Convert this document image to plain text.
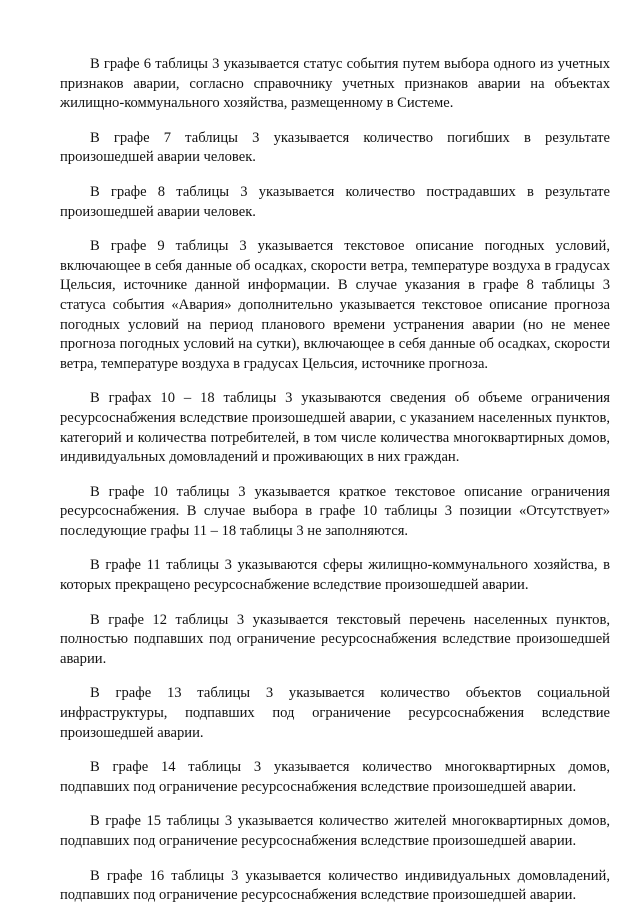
В графе 6 таблицы 3 указывается статус события путем выбора одного из учетных признаков аварии, согласно справочнику учетных признаков аварии на объектах жилищно-коммунального хозяйства, размещенному в Системе.

В графе 7 таблицы 3 указывается количество погибших в результате произошедшей аварии человек.

В графе 8 таблицы 3 указывается количество пострадавших в результате произошедшей аварии человек.

В графе 9 таблицы 3 указывается текстовое описание погодных условий, включающее в себя данные об осадках, скорости ветра, температуре воздуха в градусах Цельсия, источнике данной информации. В случае указания в графе 8 таблицы 3 статуса события «Авария» дополнительно указывается текстовое описание прогноза погодных условий на период планового времени устранения аварии (но не менее прогноза погодных условий на сутки), включающее в себя данные об осадках, скорости ветра, температуре воздуха в градусах Цельсия, источнике прогноза.

В графах 10 – 18 таблицы 3 указываются сведения об объеме ограничения ресурсоснабжения вследствие произошедшей аварии, с указанием населенных пунктов, категорий и количества потребителей, в том числе количества многоквартирных домов, индивидуальных домовладений и проживающих в них граждан.

В графе 10 таблицы 3 указывается краткое текстовое описание ограничения ресурсоснабжения. В случае выбора в графе 10 таблицы 3 позиции «Отсутствует» последующие графы 11 – 18 таблицы 3 не заполняются.

В графе 11 таблицы 3 указываются сферы жилищно-коммунального хозяйства, в которых прекращено ресурсоснабжение вследствие произошедшей аварии.

В графе 12 таблицы 3 указывается текстовый перечень населенных пунктов, полностью подпавших под ограничение ресурсоснабжения вследствие произошедшей аварии.

В графе 13 таблицы 3 указывается количество объектов социальной инфраструктуры, подпавших под ограничение ресурсоснабжения вследствие произошедшей аварии.

В графе 14 таблицы 3 указывается количество многоквартирных домов, подпавших под ограничение ресурсоснабжения вследствие произошедшей аварии.

В графе 15 таблицы 3 указывается количество жителей многоквартирных домов, подпавших под ограничение ресурсоснабжения вследствие произошедшей аварии.

В графе 16 таблицы 3 указывается количество индивидуальных домовладений, подпавших под ограничение ресурсоснабжения вследствие произошедшей аварии.
